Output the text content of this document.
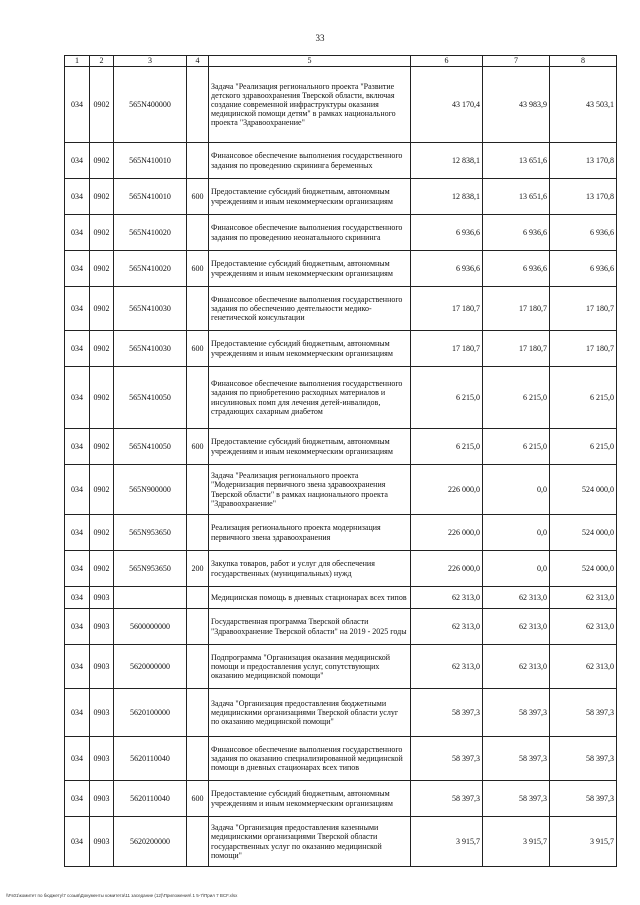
33
1	2	3	4	5	6	7	8
034	0902	565N400000		Задача "Реализация регионального проекта "Развитие детского здравоохранения Тверской области, включая создание современной инфраструктуры оказания медицинской помощи детям" в рамках национального проекта "Здравоохранение"	43 170,4	43 983,9	43 503,1
034	0902	565N410010		Финансовое обеспечение выполнения государственного задания по проведению скрининга беременных	12 838,1	13 651,6	13 170,8
034	0902	565N410010	600	Предоставление субсидий бюджетным, автономным учреждениям и иным некоммерческим организациям	12 838,1	13 651,6	13 170,8
034	0902	565N410020		Финансовое обеспечение выполнения государственного задания по проведению неонатального скрининга	6 936,6	6 936,6	6 936,6
034	0902	565N410020	600	Предоставление субсидий бюджетным, автономным учреждениям и иным некоммерческим организациям	6 936,6	6 936,6	6 936,6
034	0902	565N410030		Финансовое обеспечение выполнения государственного задания по обеспечению деятельности медико-генетической консультации	17 180,7	17 180,7	17 180,7
034	0902	565N410030	600	Предоставление субсидий бюджетным, автономным учреждениям и иным некоммерческим организациям	17 180,7	17 180,7	17 180,7
034	0902	565N410050		Финансовое обеспечение выполнения государственного задания по приобретению расходных материалов и инсулиновых помп для лечения детей-инвалидов, страдающих сахарным диабетом	6 215,0	6 215,0	6 215,0
034	0902	565N410050	600	Предоставление субсидий бюджетным, автономным учреждениям и иным некоммерческим организациям	6 215,0	6 215,0	6 215,0
034	0902	565N900000		Задача "Реализация регионального проекта "Модернизация первичного звена здравоохранения Тверской области" в рамках национального проекта "Здравоохранение"	226 000,0	0,0	524 000,0
034	0902	565N953650		Реализация регионального проекта модернизация первичного звена здравоохранения	226 000,0	0,0	524 000,0
034	0902	565N953650	200	Закупка товаров, работ и услуг для обеспечения государственных (муниципальных) нужд	226 000,0	0,0	524 000,0
034	0903			Медицинская помощь в дневных стационарах всех типов	62 313,0	62 313,0	62 313,0
034	0903	5600000000		Государственная программа Тверской области "Здравоохранение Тверской области" на 2019 - 2025 годы	62 313,0	62 313,0	62 313,0
034	0903	5620000000		Подпрограмма "Организация оказания медицинской помощи и предоставления услуг, сопутствующих оказанию медицинской помощи"	62 313,0	62 313,0	62 313,0
034	0903	5620100000		Задача "Организация предоставления бюджетными медицинскими организациями Тверской области услуг по оказанию медицинской помощи"	58 397,3	58 397,3	58 397,3
034	0903	5620110040		Финансовое обеспечение выполнения государственного задания по оказанию специализированной медицинской помощи в дневных стационарах всех типов	58 397,3	58 397,3	58 397,3
034	0903	5620110040	600	Предоставление субсидий бюджетным, автономным учреждениям и иным некоммерческим организациям	58 397,3	58 397,3	58 397,3
034	0903	5620200000		Задача "Организация предоставления казенными медицинскими организациями Тверской области государственных услуг по оказанию медицинской помощи"	3 915,7	3 915,7	3 915,7
\\Fs01\комитет по бюджету\7 созыв\Документы комитета\11 заседание (12)\Приложения\ 1 5-7\Прил 7 BCF.xlsx
